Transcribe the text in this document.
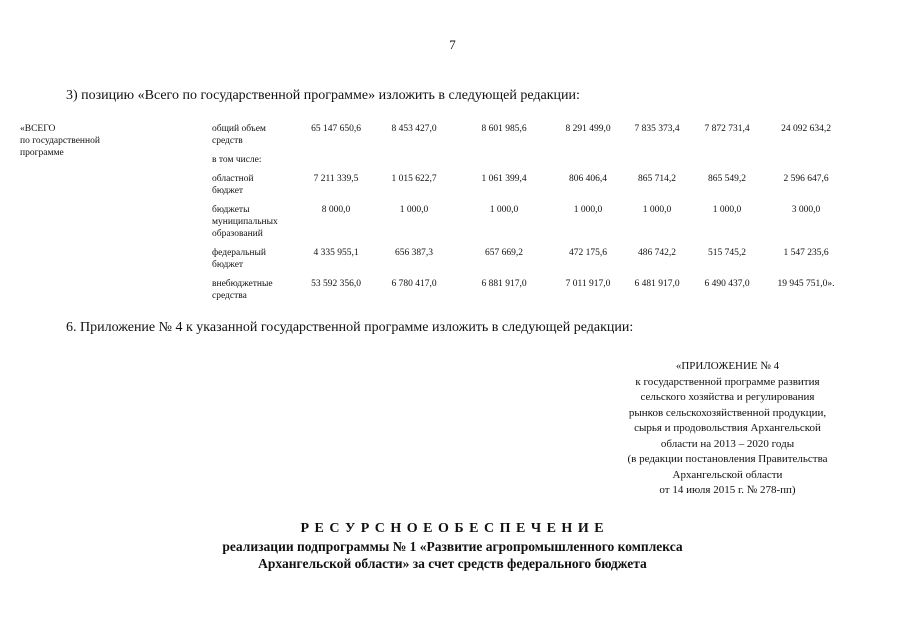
7
3) позицию «Всего по государственной программе» изложить в следующей редакции:
«ВСЕГО
по государственной
программе
общий объем
средств
65 147 650,6	8 453 427,0	8 601 985,6	8 291 499,0	7 835 373,4	7 872 731,4	24 092 634,2
в том числе:
областной
бюджет
7 211 339,5	1 015 622,7	1 061 399,4	806 406,4	865 714,2	865 549,2	2 596 647,6
бюджеты
муниципальных
образований
8 000,0	1 000,0	1 000,0	1 000,0	1 000,0	1 000,0	3 000,0
федеральный
бюджет
4 335 955,1	656 387,3	657 669,2	472 175,6	486 742,2	515 745,2	1 547 235,6
внебюджетные
средства
53 592 356,0	6 780 417,0	6 881 917,0	7 011 917,0	6 481 917,0	6 490 437,0	19 945 751,0».
6. Приложение № 4 к указанной государственной программе изложить в следующей редакции:
«ПРИЛОЖЕНИЕ № 4
к государственной программе развития
сельского хозяйства и регулирования
рынков сельскохозяйственной продукции,
сырья и продовольствия Архангельской
области на 2013 – 2020 годы
(в редакции постановления Правительства
Архангельской области
от 14 июля 2015 г. № 278-пп)
Р Е С У Р С Н О Е О Б Е С П Е Ч Е Н И Е
реализации подпрограммы № 1 «Развитие агропромышленного комплекса
Архангельской области» за счет средств федерального бюджета
